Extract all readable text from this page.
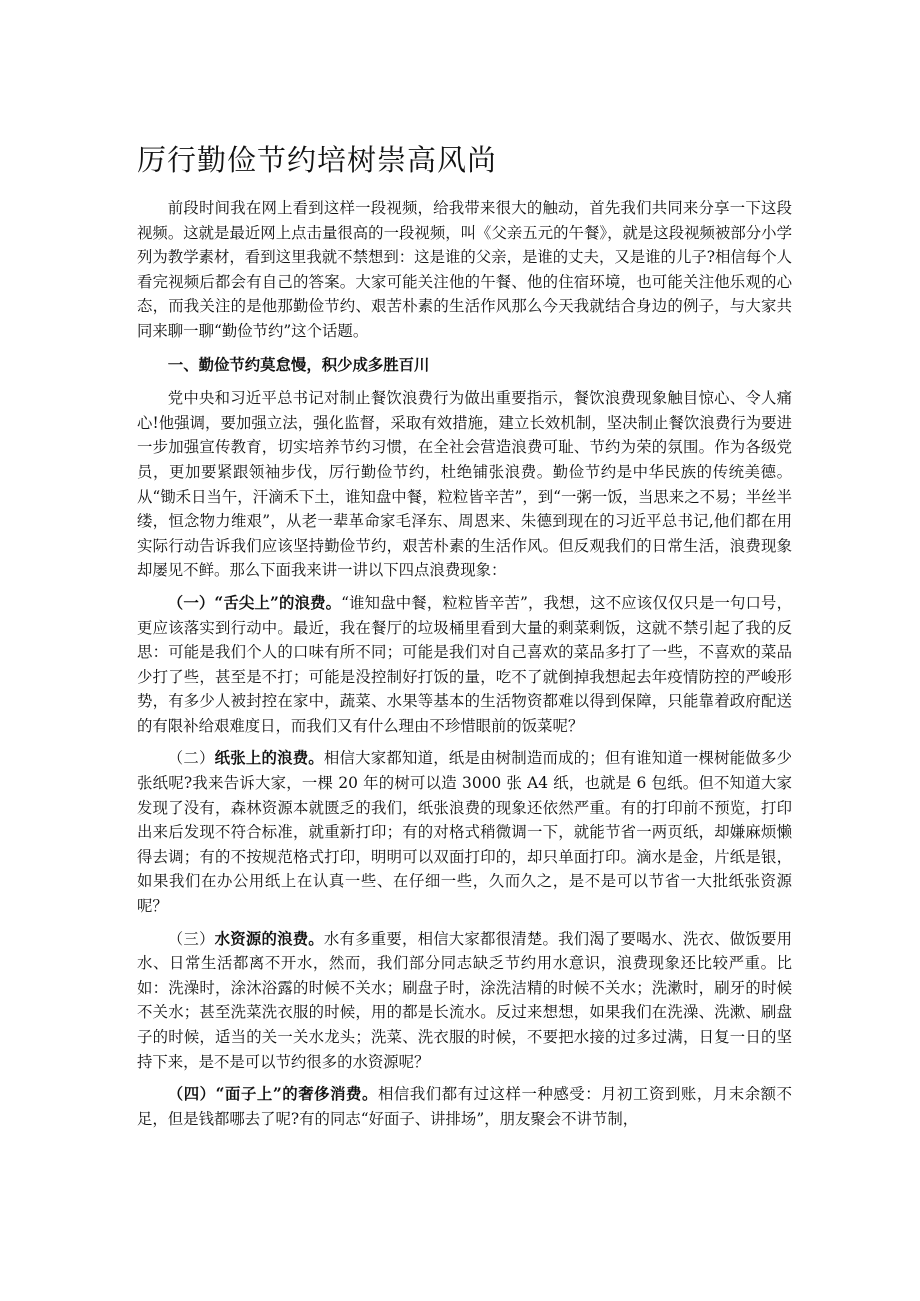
厉行勤俭节约培树崇高风尚

前段时间我在网上看到这样一段视频，给我带来很大的触动，首先我们共同来分享一下这段视频。这就是最近网上点击量很高的一段视频，叫《父亲五元的午餐》，就是这段视频被部分小学列为教学素材，看到这里我就不禁想到：这是谁的父亲，是谁的丈夫，又是谁的儿子?相信每个人看完视频后都会有自己的答案。大家可能关注他的午餐、他的住宿环境，也可能关注他乐观的心态，而我关注的是他那勤俭节约、艰苦朴素的生活作风那么今天我就结合身边的例子，与大家共同来聊一聊“勤俭节约”这个话题。

一、勤俭节约莫怠慢，积少成多胜百川

党中央和习近平总书记对制止餐饮浪费行为做出重要指示，餐饮浪费现象触目惊心、令人痛心!他强调，要加强立法，强化监督，采取有效措施，建立长效机制，坚决制止餐饮浪费行为要进一步加强宣传教育，切实培养节约习惯，在全社会营造浪费可耻、节约为荣的氛围。作为各级党员，更加要紧跟领袖步伐，厉行勤俭节约，杜绝铺张浪费。勤俭节约是中华民族的传统美德。从“锄禾日当午，汗滴禾下土，谁知盘中餐，粒粒皆辛苦”，到“一粥一饭，当思来之不易；半丝半缕，恒念物力维艰”，从老一辈革命家毛泽东、周恩来、朱德到现在的习近平总书记,他们都在用实际行动告诉我们应该坚持勤俭节约，艰苦朴素的生活作风。但反观我们的日常生活，浪费现象却屡见不鲜。那么下面我来讲一讲以下四点浪费现象：

（一）“舌尖上”的浪费。“谁知盘中餐，粒粒皆辛苦”，我想，这不应该仅仅只是一句口号，更应该落实到行动中。最近，我在餐厅的垃圾桶里看到大量的剩菜剩饭，这就不禁引起了我的反思：可能是我们个人的口味有所不同；可能是我们对自己喜欢的菜品多打了一些，不喜欢的菜品少打了些，甚至是不打；可能是没控制好打饭的量，吃不了就倒掉我想起去年疫情防控的严峻形势，有多少人被封控在家中，蔬菜、水果等基本的生活物资都难以得到保障，只能靠着政府配送的有限补给艰难度日，而我们又有什么理由不珍惜眼前的饭菜呢？

（二）纸张上的浪费。相信大家都知道，纸是由树制造而成的；但有谁知道一棵树能做多少张纸呢?我来告诉大家，一棵 20 年的树可以造 3000 张 A4 纸，也就是 6 包纸。但不知道大家发现了没有，森林资源本就匮乏的我们，纸张浪费的现象还依然严重。有的打印前不预览，打印出来后发现不符合标准，就重新打印；有的对格式稍微调一下，就能节省一两页纸，却嫌麻烦懒得去调；有的不按规范格式打印，明明可以双面打印的，却只单面打印。滴水是金，片纸是银，如果我们在办公用纸上在认真一些、在仔细一些，久而久之，是不是可以节省一大批纸张资源呢？

（三）水资源的浪费。水有多重要，相信大家都很清楚。我们渴了要喝水、洗衣、做饭要用水、日常生活都离不开水，然而，我们部分同志缺乏节约用水意识，浪费现象还比较严重。比如：洗澡时，涂沐浴露的时候不关水；刷盘子时，涂洗洁精的时候不关水；洗漱时，刷牙的时候不关水；甚至洗菜洗衣服的时候，用的都是长流水。反过来想想，如果我们在洗澡、洗漱、刷盘子的时候，适当的关一关水龙头；洗菜、洗衣服的时候，不要把水接的过多过满，日复一日的坚持下来，是不是可以节约很多的水资源呢？

（四）“面子上”的奢侈消费。相信我们都有过这样一种感受：月初工资到账，月末余额不足，但是钱都哪去了呢?有的同志“好面子、讲排场”，朋友聚会不讲节制，
